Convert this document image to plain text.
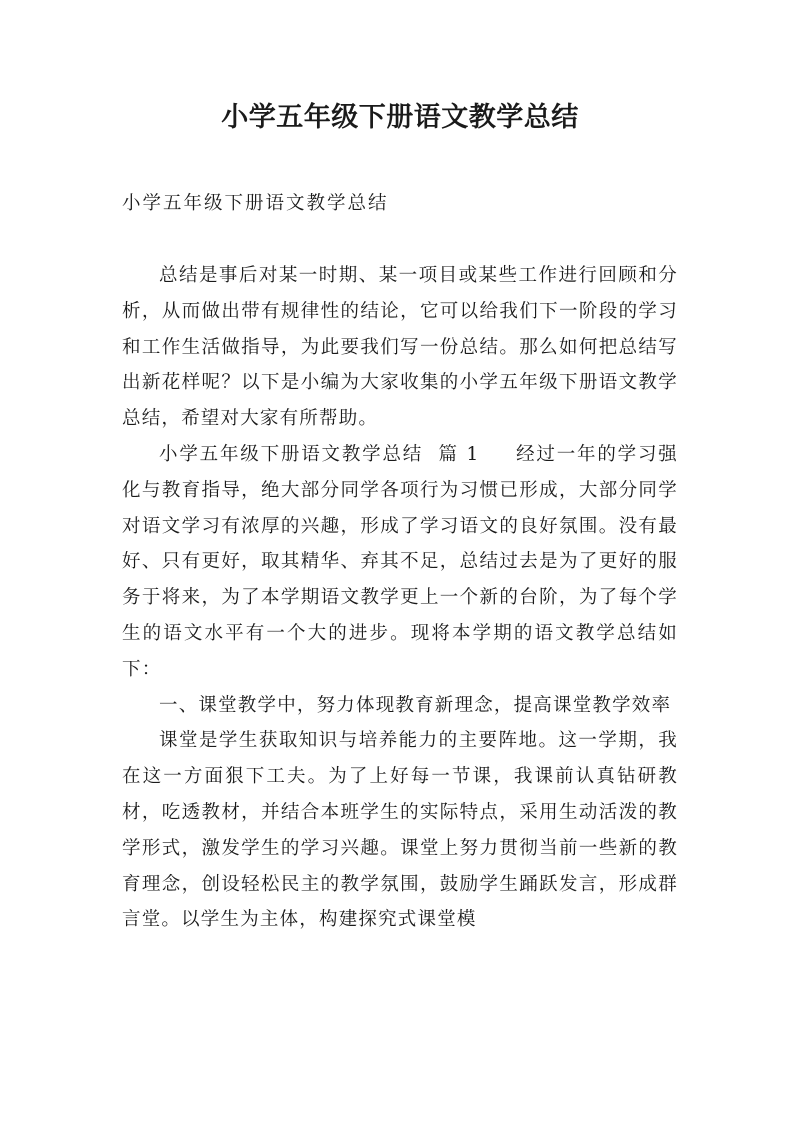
小学五年级下册语文教学总结

小学五年级下册语文教学总结

总结是事后对某一时期、某一项目或某些工作进行回顾和分析，从而做出带有规律性的结论，它可以给我们下一阶段的学习和工作生活做指导，为此要我们写一份总结。那么如何把总结写出新花样呢？以下是小编为大家收集的小学五年级下册语文教学总结，希望对大家有所帮助。

小学五年级下册语文教学总结  篇 1 经过一年的学习强化与教育指导，绝大部分同学各项行为习惯已形成，大部分同学对语文学习有浓厚的兴趣，形成了学习语文的良好氛围。没有最好、只有更好，取其精华、弃其不足，总结过去是为了更好的服务于将来，为了本学期语文教学更上一个新的台阶，为了每个学生的语文水平有一个大的进步。现将本学期的语文教学总结如下：

一、课堂教学中，努力体现教育新理念，提高课堂教学效率

课堂是学生获取知识与培养能力的主要阵地。这一学期，我在这一方面狠下工夫。为了上好每一节课，我课前认真钻研教材，吃透教材，并结合本班学生的实际特点，采用生动活泼的教学形式，激发学生的学习兴趣。课堂上努力贯彻当前一些新的教育理念，创设轻松民主的教学氛围，鼓励学生踊跃发言，形成群言堂。以学生为主体，构建探究式课堂模
